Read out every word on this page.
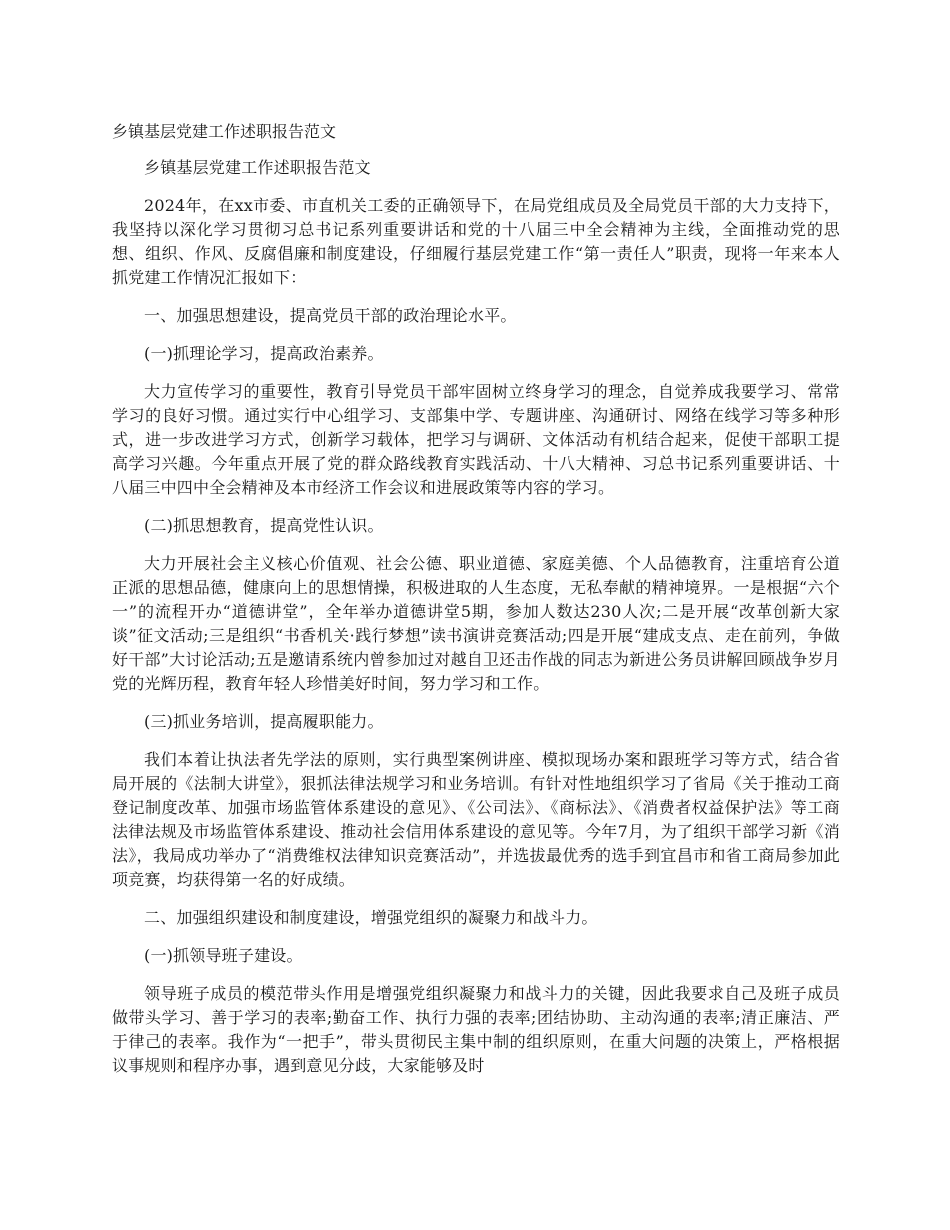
乡镇基层党建工作述职报告范文

乡镇基层党建工作述职报告范文

2024年，在xx市委、市直机关工委的正确领导下，在局党组成员及全局党员干部的大力支持下，我坚持以深化学习贯彻习总书记系列重要讲话和党的十八届三中全会精神为主线，全面推动党的思想、组织、作风、反腐倡廉和制度建设，仔细履行基层党建工作“第一责任人”职责，现将一年来本人抓党建工作情况汇报如下：

一、加强思想建设，提高党员干部的政治理论水平。

(一)抓理论学习，提高政治素养。

大力宣传学习的重要性，教育引导党员干部牢固树立终身学习的理念，自觉养成我要学习、常常学习的良好习惯。通过实行中心组学习、支部集中学、专题讲座、沟通研讨、网络在线学习等多种形式，进一步改进学习方式，创新学习载体，把学习与调研、文体活动有机结合起来，促使干部职工提高学习兴趣。今年重点开展了党的群众路线教育实践活动、十八大精神、习总书记系列重要讲话、十八届三中四中全会精神及本市经济工作会议和进展政策等内容的学习。

(二)抓思想教育，提高党性认识。

大力开展社会主义核心价值观、社会公德、职业道德、家庭美德、个人品德教育，注重培育公道正派的思想品德，健康向上的思想情操，积极进取的人生态度，无私奉献的精神境界。一是根据“六个一”的流程开办“道德讲堂”，全年举办道德讲堂5期，参加人数达230人次;二是开展“改革创新大家谈”征文活动;三是组织“书香机关·践行梦想”读书演讲竞赛活动;四是开展“建成支点、走在前列，争做好干部”大讨论活动;五是邀请系统内曾参加过对越自卫还击作战的同志为新进公务员讲解回顾战争岁月党的光辉历程，教育年轻人珍惜美好时间，努力学习和工作。

(三)抓业务培训，提高履职能力。

我们本着让执法者先学法的原则，实行典型案例讲座、模拟现场办案和跟班学习等方式，结合省局开展的《法制大讲堂》，狠抓法律法规学习和业务培训。有针对性地组织学习了省局《关于推动工商登记制度改革、加强市场监管体系建设的意见》、《公司法》、《商标法》、《消费者权益保护法》等工商法律法规及市场监管体系建设、推动社会信用体系建设的意见等。今年7月，为了组织干部学习新《消法》，我局成功举办了“消费维权法律知识竞赛活动”，并选拔最优秀的选手到宜昌市和省工商局参加此项竞赛，均获得第一名的好成绩。

二、加强组织建设和制度建设，增强党组织的凝聚力和战斗力。

(一)抓领导班子建设。

领导班子成员的模范带头作用是增强党组织凝聚力和战斗力的关键，因此我要求自己及班子成员做带头学习、善于学习的表率;勤奋工作、执行力强的表率;团结协助、主动沟通的表率;清正廉洁、严于律己的表率。我作为“一把手”，带头贯彻民主集中制的组织原则，在重大问题的决策上，严格根据议事规则和程序办事，遇到意见分歧，大家能够及时
